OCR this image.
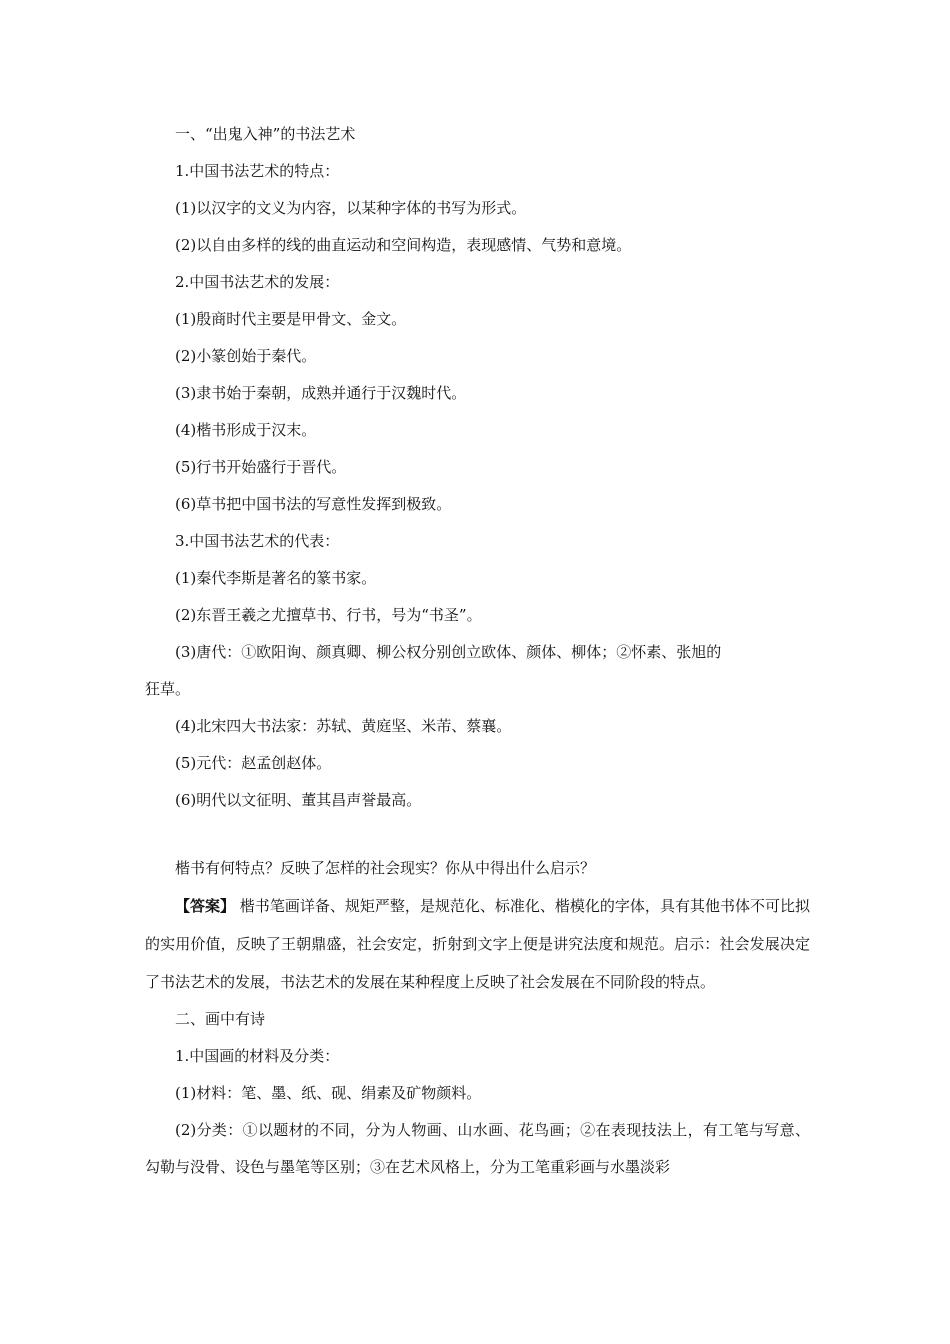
一、“出鬼入神”的书法艺术
1.中国书法艺术的特点：
(1)以汉字的文义为内容，以某种字体的书写为形式。
(2)以自由多样的线的曲直运动和空间构造，表现感情、气势和意境。
2.中国书法艺术的发展：
(1)殷商时代主要是甲骨文、金文。
(2)小篆创始于秦代。
(3)隶书始于秦朝，成熟并通行于汉魏时代。
(4)楷书形成于汉末。
(5)行书开始盛行于晋代。
(6)草书把中国书法的写意性发挥到极致。
3.中国书法艺术的代表：
(1)秦代李斯是著名的篆书家。
(2)东晋王羲之尤擅草书、行书，号为“书圣”。
(3)唐代：①欧阳询、颜真卿、柳公权分别创立欧体、颜体、柳体；②怀素、张旭的
狂草。
(4)北宋四大书法家：苏轼、黄庭坚、米芾、蔡襄。
(5)元代：赵孟创赵体。
(6)明代以文征明、董其昌声誉最高。
楷书有何特点？反映了怎样的社会现实？你从中得出什么启示？

【答案】 楷书笔画详备、规矩严整，是规范化、标准化、楷模化的字体，具有其他书体不可比拟的实用价值，反映了王朝鼎盛，社会安定，折射到文字上便是讲究法度和规范。启示：社会发展决定了书法艺术的发展，书法艺术的发展在某种程度上反映了社会发展在不同阶段的特点。

二、画中有诗
1.中国画的材料及分类：
(1)材料：笔、墨、纸、砚、绢素及矿物颜料。

(2)分类：①以题材的不同，分为人物画、山水画、花鸟画；②在表现技法上，有工笔与写意、勾勒与没骨、设色与墨笔等区别；③在艺术风格上，分为工笔重彩画与水墨淡彩
